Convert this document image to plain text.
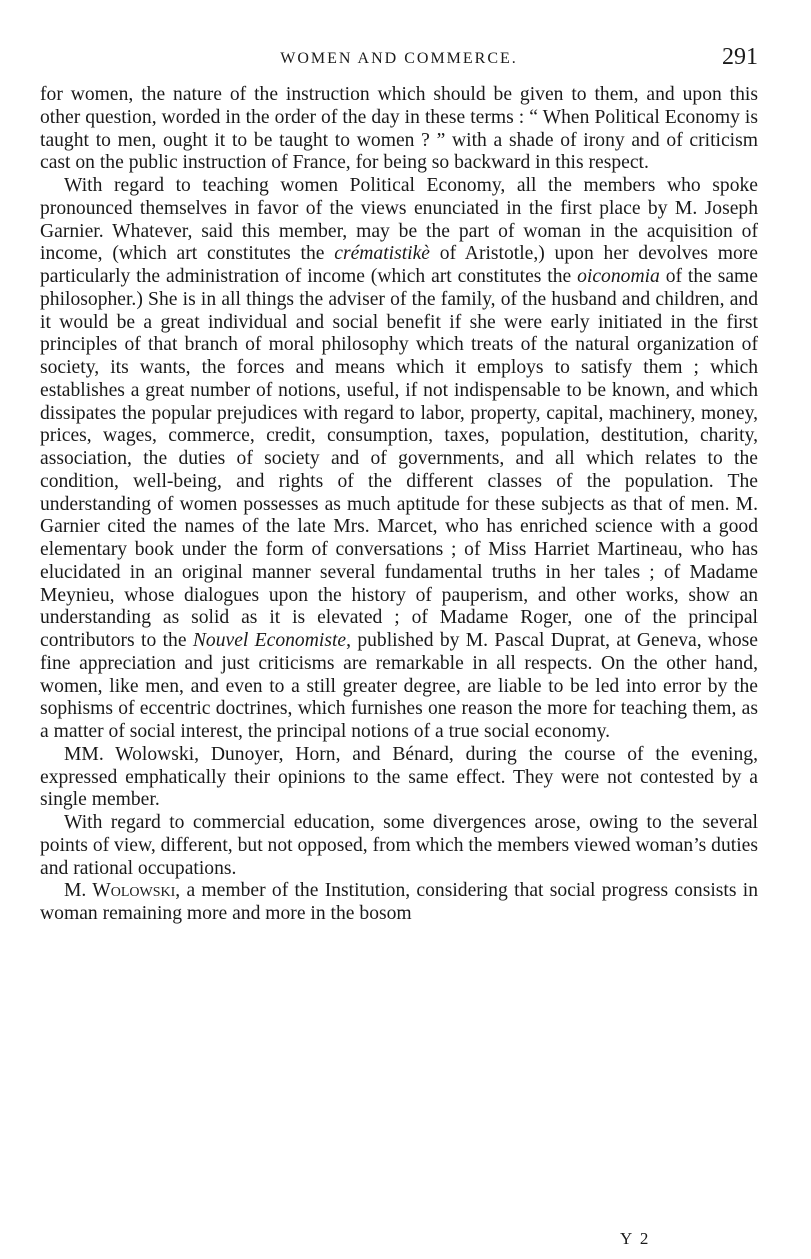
WOMEN AND COMMERCE.	291

for women, the nature of the instruction which should be given to them, and upon this other question, worded in the order of the day in these terms : “ When Political Economy is taught to men, ought it to be taught to women ? ” with a shade of irony and of criticism cast on the public instruction of France, for being so backward in this respect.

With regard to teaching women Political Economy, all the members who spoke pronounced themselves in favor of the views enunciated in the first place by M. Joseph Garnier. Whatever, said this member, may be the part of woman in the acquisition of income, (which art constitutes the crématistikè of Aristotle,) upon her devolves more particularly the administration of income (which art constitutes the oiconomia of the same philosopher.) She is in all things the adviser of the family, of the husband and children, and it would be a great individual and social benefit if she were early initiated in the first principles of that branch of moral philosophy which treats of the natural organization of society, its wants, the forces and means which it employs to satisfy them ; which establishes a great number of notions, useful, if not indispensable to be known, and which dissipates the popular prejudices with regard to labor, property, capital, machinery, money, prices, wages, commerce, credit, consumption, taxes, population, destitution, charity, association, the duties of society and of governments, and all which relates to the condition, well-being, and rights of the different classes of the population. The understanding of women possesses as much aptitude for these subjects as that of men. M. Garnier cited the names of the late Mrs. Marcet, who has enriched science with a good elementary book under the form of conversations ; of Miss Harriet Martineau, who has elucidated in an original manner several fundamental truths in her tales ; of Madame Meynieu, whose dialogues upon the history of pauperism, and other works, show an understanding as solid as it is elevated ; of Madame Roger, one of the principal contributors to the Nouvel Economiste, published by M. Pascal Duprat, at Geneva, whose fine appreciation and just criticisms are remarkable in all respects. On the other hand, women, like men, and even to a still greater degree, are liable to be led into error by the sophisms of eccentric doctrines, which furnishes one reason the more for teaching them, as a matter of social interest, the principal notions of a true social economy.

MM. Wolowski, Dunoyer, Horn, and Bénard, during the course of the evening, expressed emphatically their opinions to the same effect. They were not contested by a single member.

With regard to commercial education, some divergences arose, owing to the several points of view, different, but not opposed, from which the members viewed woman’s duties and rational occupations.

M. Wolowski, a member of the Institution, considering that social progress consists in woman remaining more and more in the bosom

Y 2
